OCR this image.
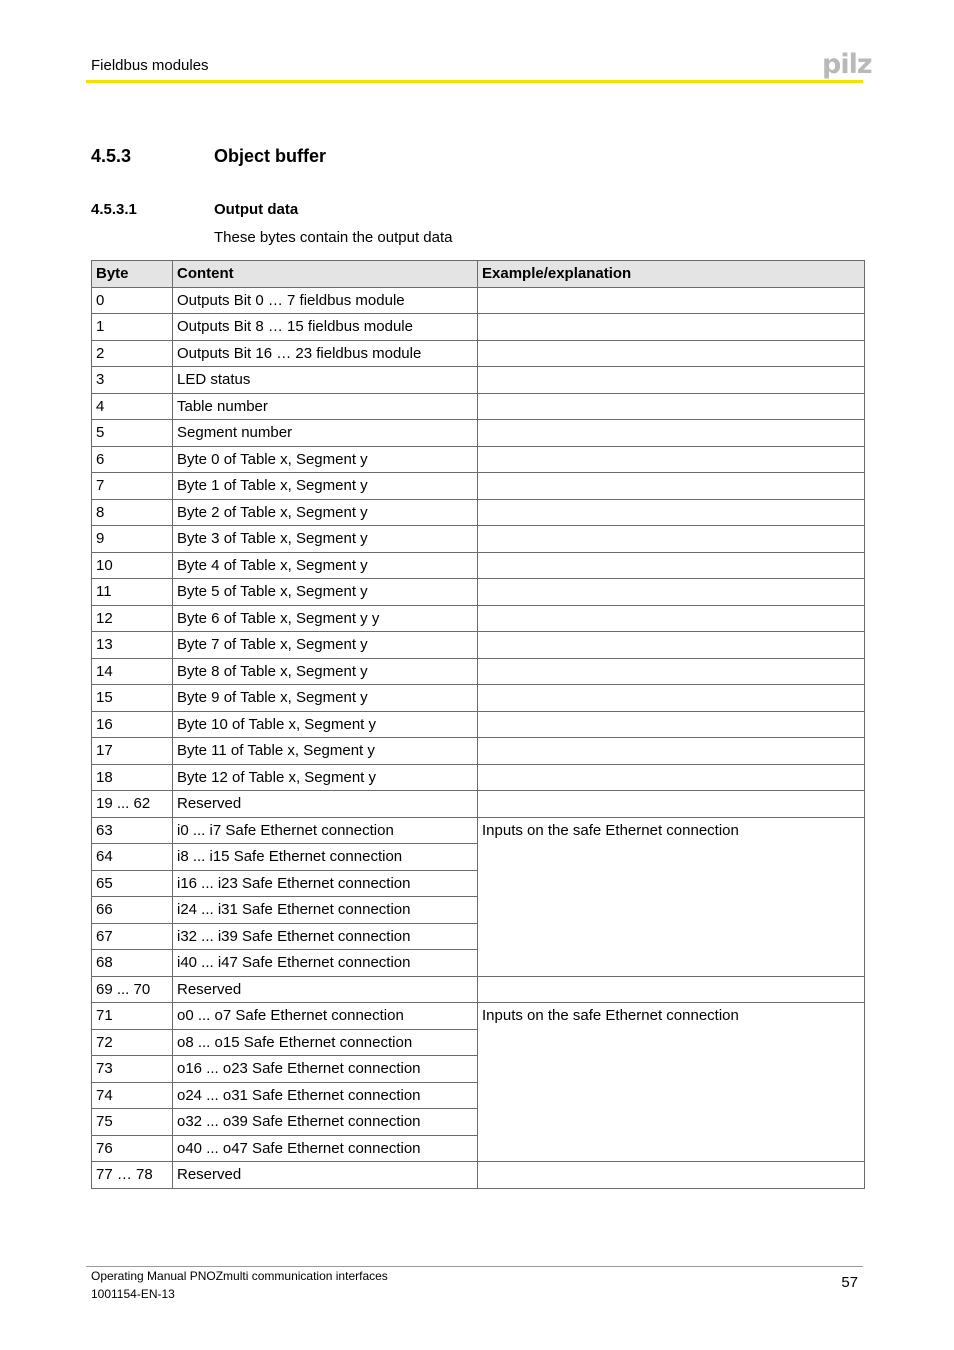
Fieldbus modules	pilz
4.5.3	Object buffer
4.5.3.1	Output data
These bytes contain the output data
Byte	Content	Example/explanation
0	Outputs Bit 0 … 7 fieldbus module	
1	Outputs Bit 8 … 15 fieldbus module	
2	Outputs Bit 16 … 23 fieldbus module	
3	LED status	
4	Table number	
5	Segment number	
6	Byte 0 of Table x, Segment y	
7	Byte 1 of Table x, Segment y	
8	Byte 2 of Table x, Segment y	
9	Byte 3 of Table x, Segment y	
10	Byte 4 of Table x, Segment y	
11	Byte 5 of Table x, Segment y	
12	Byte 6 of Table x, Segment y y	
13	Byte 7 of Table x, Segment y	
14	Byte 8 of Table x, Segment y	
15	Byte 9 of Table x, Segment y	
16	Byte 10 of Table x, Segment y	
17	Byte 11 of Table x, Segment y	
18	Byte 12 of Table x, Segment y	
19 ... 62	Reserved	
63	i0 ... i7 Safe Ethernet connection	Inputs on the safe Ethernet connection
64	i8 ... i15 Safe Ethernet connection	
65	i16 ... i23 Safe Ethernet connection	
66	i24 ... i31 Safe Ethernet connection	
67	i32 ... i39 Safe Ethernet connection	
68	i40 ... i47 Safe Ethernet connection	
69 ... 70	Reserved	
71	o0 ... o7 Safe Ethernet connection	Inputs on the safe Ethernet connection
72	o8 ... o15 Safe Ethernet connection	
73	o16 ... o23 Safe Ethernet connection	
74	o24 ... o31 Safe Ethernet connection	
75	o32 ... o39 Safe Ethernet connection	
76	o40 ... o47 Safe Ethernet connection	
77 … 78	Reserved	
Operating Manual PNOZmulti communication interfaces
1001154-EN-13
57
